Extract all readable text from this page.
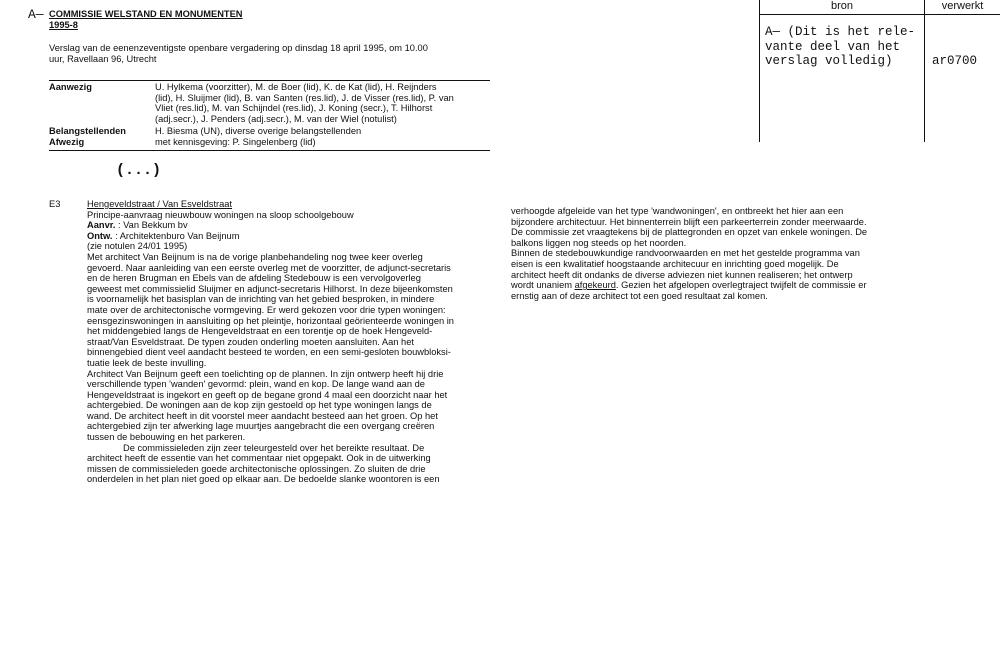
A— COMMISSIE WELSTAND EN MONUMENTEN
1995-8
Verslag van de eenenzeventigste openbare vergadering op dinsdag 18 april 1995, om 10.00
uur, Ravellaan 96, Utrecht
Aanwezig	U. Hylkema (voorzitter), M. de Boer (lid), K. de Kat (lid), H. Reijnders
(lid), H. Sluijmer (lid), B. van Santen (res.lid), J. de Visser (res.lid), P. van
Vliet (res.lid), M. van Schijndel (res.lid), J. Koning (secr.), T. Hilhorst
(adj.secr.), J. Penders (adj.secr.), M. van der Wiel (notulist)
Belangstellenden	H. Biesma (UN), diverse overige belangstellenden
Afwezig	met kennisgeving: P. Singelenberg (lid)
(...)
E3	Hengeveldstraat / Van Esveldstraat
Principe-aanvraag nieuwbouw woningen na sloop schoolgebouw
Aanvr. : Van Bekkum bv
Ontw. : Architektenburo Van Beijnum
(zie notulen 24/01 1995)
Met architect Van Beijnum is na de vorige planbehandeling nog twee keer overleg
gevoerd. Naar aanleiding van een eerste overleg met de voorzitter, de adjunct-secretaris
en de heren Brugman en Ebels van de afdeling Stedebouw is een vervolgoverleg
geweest met commissielid Sluijmer en adjunct-secretaris Hilhorst. In deze bijeenkomsten
is voornamelijk het basisplan van de inrichting van het gebied besproken, in mindere
mate over de architectonische vormgeving. Er werd gekozen voor drie typen woningen:
eensgezinswoningen in aansluiting op het pleintje, horizontaal geörienteerde woningen in
het middengebied langs de Hengeveldstraat en een torentje op de hoek Hengeveld-
straat/Van Esveldstraat. De typen zouden onderling moeten aansluiten. Aan het
binnengebied dient veel aandacht besteed te worden, en een semi-gesloten bouwbloksi-
tuatie leek de beste invulling.
Architect Van Beijnum geeft een toelichting op de plannen. In zijn ontwerp heeft hij drie
verschillende typen 'wanden' gevormd: plein, wand en kop. De lange wand aan de
Hengeveldstraat is ingekort en geeft op de begane grond 4 maal een doorzicht naar het
achtergebied. De woningen aan de kop zijn gestoeld op het type woningen langs de
wand. De architect heeft in dit voorstel meer aandacht besteed aan het groen. Op het
achtergebied zijn ter afwerking lage muurtjes aangebracht die een overgang creëren
tussen de bebouwing en het parkeren.
De commissieleden zijn zeer teleurgesteld over het bereikte resultaat. De
architect heeft de essentie van het commentaar niet opgepakt. Ook in de uitwerking
missen de commissieleden goede architectonische oplossingen. Zo sluiten de drie
onderdelen in het plan niet goed op elkaar aan. De bedoelde slanke woontoren is een
verhoogde afgeleide van het type 'wandwoningen', en ontbreekt het hier aan een
bijzondere architectuur. Het binnenterrein blijft een parkeerterrein zonder meerwaarde.
De commissie zet vraagtekens bij de plattegronden en opzet van enkele woningen. De
balkons liggen nog steeds op het noorden.
Binnen de stedebouwkundige randvoorwaarden en met het gestelde programma van
eisen is een kwalitatief hoogstaande architecuur en inrichting goed mogelijk. De
architect heeft dit ondanks de diverse adviezen niet kunnen realiseren; het ontwerp
wordt unaniem afgekeurd. Gezien het afgelopen overlegtraject twijfelt de commissie er
ernstig aan of deze architect tot een goed resultaat zal komen.
bron	verwerkt
A— (Dit is het rele-
vante deel van het
verslag volledig)	ar0700
